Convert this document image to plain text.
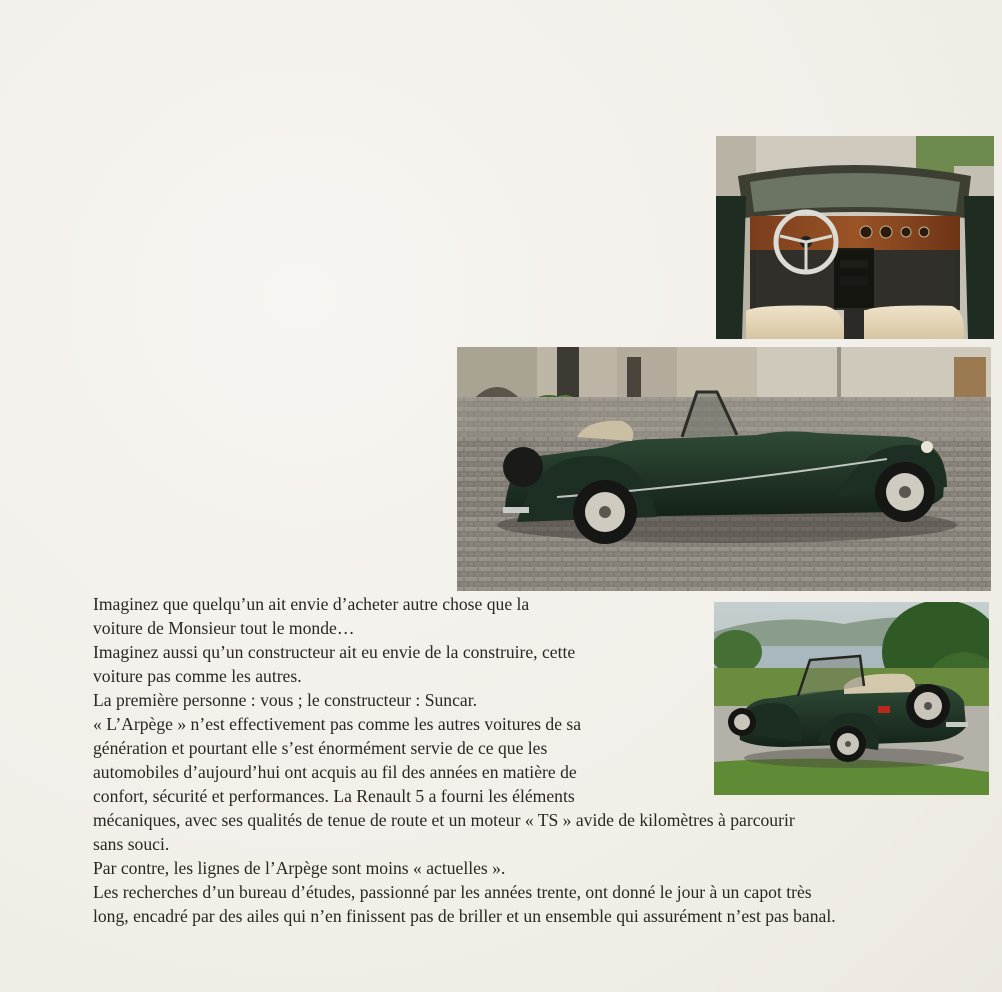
Imaginez que quelqu’un ait envie d’acheter autre chose que la
voiture de Monsieur tout le monde…
Imaginez aussi qu’un constructeur ait eu envie de la construire, cette
voiture pas comme les autres.
La première personne : vous ; le constructeur : Suncar.
« L’Arpège » n’est effectivement pas comme les autres voitures de sa
génération et pourtant elle s’est énormément servie de ce que les
automobiles d’aujourd’hui ont acquis au fil des années en matière de
confort, sécurité et performances. La Renault 5 a fourni les éléments
mécaniques, avec ses qualités de tenue de route et un moteur « TS » avide de kilomètres à parcourir
sans souci.
Par contre, les lignes de l’Arpège sont moins « actuelles ».
Les recherches d’un bureau d’études, passionné par les années trente, ont donné le jour à un capot très
long, encadré par des ailes qui n’en finissent pas de briller et un ensemble qui assurément n’est pas banal.
